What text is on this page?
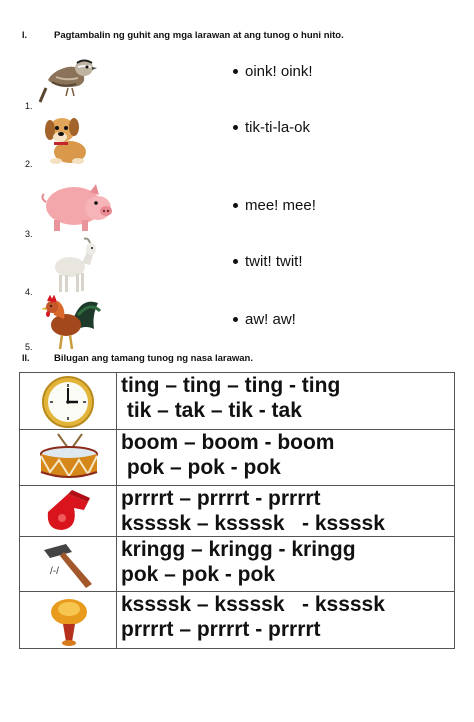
I.	Pagtambalin ng guhit ang mga larawan at ang tunog o huni nito.
1.
2.
3.
4.
5.
oink! oink!
tik-ti-la-ok
mee! mee!
twit! twit!
aw! aw!
II.	Bilugan ang tamang tunog ng nasa larawan.

ting – ting – ting - ting
tik – tak – tik - tak

boom – boom - boom
pok – pok - pok

prrrrt – prrrrt - prrrrt
kssssk – kssssk   - kssssk

/-/	kringg – kringg - kringg
pok – pok - pok

kssssk – kssssk   - kssssk
prrrrt – prrrrt - prrrrt
